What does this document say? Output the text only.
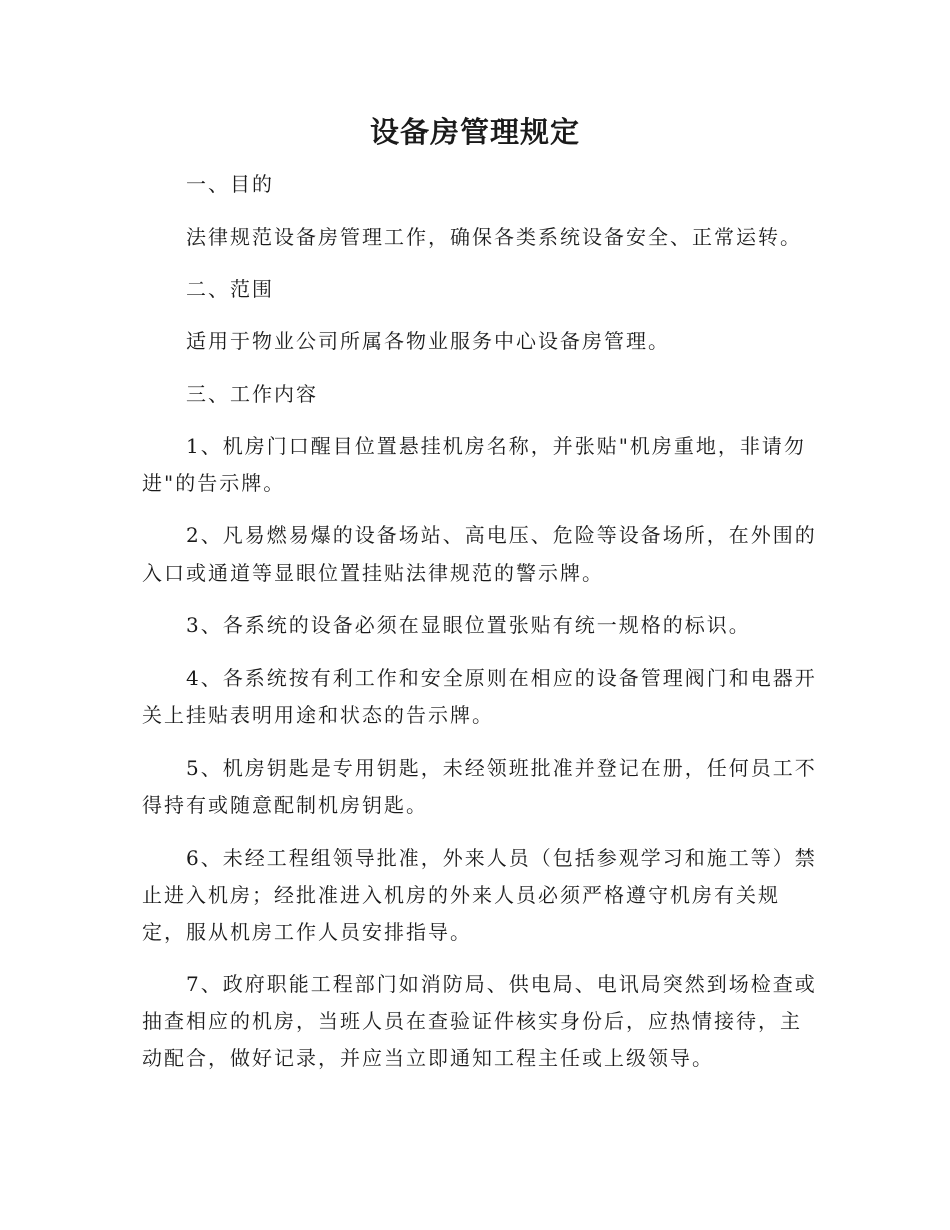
设备房管理规定

一、目的

法律规范设备房管理工作，确保各类系统设备安全、正常运转。

二、范围

适用于物业公司所属各物业服务中心设备房管理。

三、工作内容

1、机房门口醒目位置悬挂机房名称，并张贴"机房重地，非请勿

进"的告示牌。

2、凡易燃易爆的设备场站、高电压、危险等设备场所，在外围的

入口或通道等显眼位置挂贴法律规范的警示牌。

3、各系统的设备必须在显眼位置张贴有统一规格的标识。

4、各系统按有利工作和安全原则在相应的设备管理阀门和电器开

关上挂贴表明用途和状态的告示牌。

5、机房钥匙是专用钥匙，未经领班批准并登记在册，任何员工不

得持有或随意配制机房钥匙。

6、未经工程组领导批准，外来人员（包括参观学习和施工等）禁

止进入机房；经批准进入机房的外来人员必须严格遵守机房有关规

定，服从机房工作人员安排指导。

7、政府职能工程部门如消防局、供电局、电讯局突然到场检查或

抽查相应的机房，当班人员在查验证件核实身份后，应热情接待，主

动配合，做好记录，并应当立即通知工程主任或上级领导。
